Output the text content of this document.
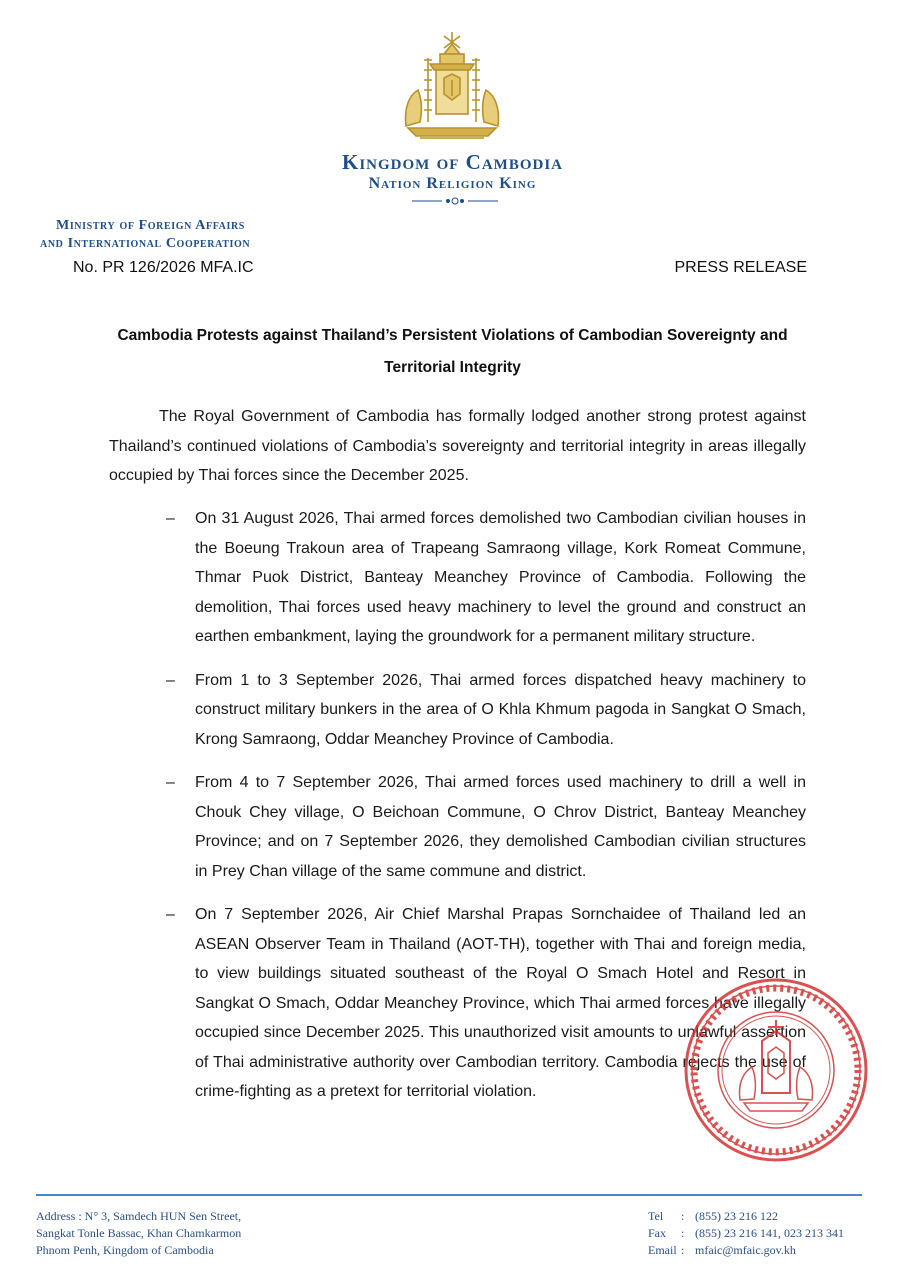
Kingdom of Cambodia
Nation Religion King
Ministry of Foreign Affairs
and International Cooperation
No. PR 126/2026 MFA.IC	PRESS RELEASE
Cambodia Protests against Thailand’s Persistent Violations of Cambodian Sovereignty and Territorial Integrity
The Royal Government of Cambodia has formally lodged another strong protest against Thailand’s continued violations of Cambodia’s sovereignty and territorial integrity in areas illegally occupied by Thai forces since the December 2025.
– On 31 August 2026, Thai armed forces demolished two Cambodian civilian houses in the Boeung Trakoun area of Trapeang Samraong village, Kork Romeat Commune, Thmar Puok District, Banteay Meanchey Province of Cambodia. Following the demolition, Thai forces used heavy machinery to level the ground and construct an earthen embankment, laying the groundwork for a permanent military structure.
– From 1 to 3 September 2026, Thai armed forces dispatched heavy machinery to construct military bunkers in the area of O Khla Khmum pagoda in Sangkat O Smach, Krong Samraong, Oddar Meanchey Province of Cambodia.
– From 4 to 7 September 2026, Thai armed forces used machinery to drill a well in Chouk Chey village, O Beichoan Commune, O Chrov District, Banteay Meanchey Province; and on 7 September 2026, they demolished Cambodian civilian structures in Prey Chan village of the same commune and district.
– On 7 September 2026, Air Chief Marshal Prapas Sornchaidee of Thailand led an ASEAN Observer Team in Thailand (AOT-TH), together with Thai and foreign media, to view buildings situated southeast of the Royal O Smach Hotel and Resort in Sangkat O Smach, Oddar Meanchey Province, which Thai armed forces have illegally occupied since December 2025. This unauthorized visit amounts to unlawful assertion of Thai administrative authority over Cambodian territory. Cambodia rejects the use of crime-fighting as a pretext for territorial violation.
Address : N° 3, Samdech HUN Sen Street,
Sangkat Tonle Bassac, Khan Chamkarmon
Phnom Penh, Kingdom of Cambodia
Tel : (855) 23 216 122
Fax : (855) 23 216 141, 023 213 341
Email : mfaic@mfaic.gov.kh
